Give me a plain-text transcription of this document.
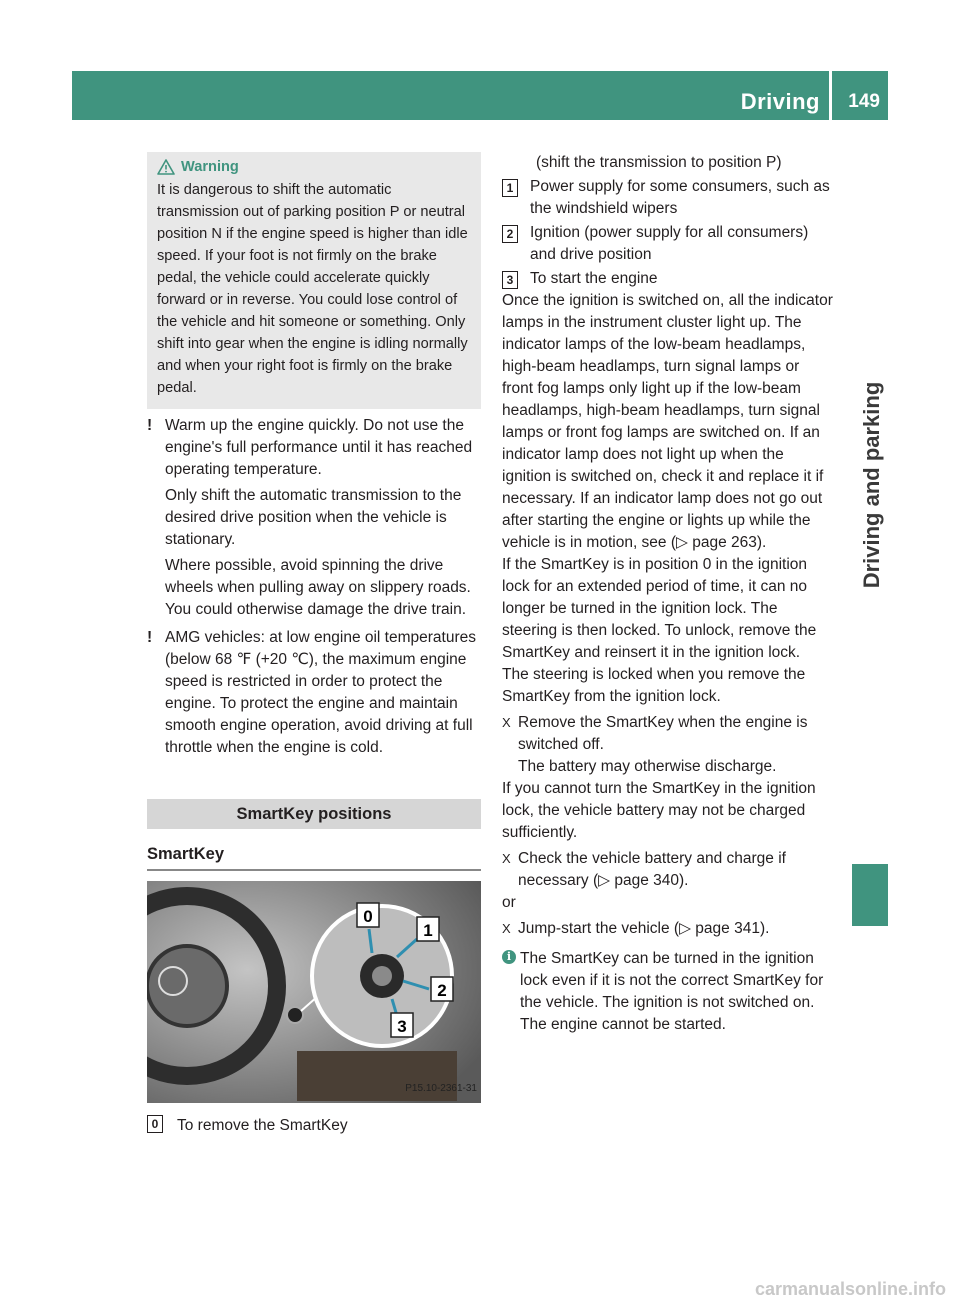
Driving 149
Driving and parking
Warning

It is dangerous to shift the automatic transmission out of parking position P or neutral position N if the engine speed is higher than idle speed. If your foot is not firmly on the brake pedal, the vehicle could accelerate quickly forward or in reverse. You could lose control of the vehicle and hit someone or something. Only shift into gear when the engine is idling normally and when your right foot is firmly on the brake pedal.

! Warm up the engine quickly. Do not use the engine's full performance until it has reached operating temperature.

Only shift the automatic transmission to the desired drive position when the vehicle is stationary.

Where possible, avoid spinning the drive wheels when pulling away on slippery roads. You could otherwise damage the drive train.

! AMG vehicles: at low engine oil temperatures (below 68 ℉ (+20 ℃), the maximum engine speed is restricted in order to protect the engine. To protect the engine and maintain smooth engine operation, avoid driving at full throttle when the engine is cold.

SmartKey positions
SmartKey
0
1
2
3
P15.10-2361-31
0	To remove the SmartKey

(shift the transmission to position P)

1	Power supply for some consumers, such as the windshield wipers
2	Ignition (power supply for all consumers) and drive position
3	To start the engine

Once the ignition is switched on, all the indicator lamps in the instrument cluster light up. The indicator lamps of the low-beam headlamps, high-beam headlamps, turn signal lamps or front fog lamps only light up if the low-beam headlamps, high-beam headlamps, turn signal lamps or front fog lamps are switched on. If an indicator lamp does not light up when the ignition is switched on, check it and replace it if necessary. If an indicator lamp does not go out after starting the engine or lights up while the vehicle is in motion, see (▷ page 263).

If the SmartKey is in position 0 in the ignition lock for an extended period of time, it can no longer be turned in the ignition lock. The steering is then locked. To unlock, remove the SmartKey and reinsert it in the ignition lock.

The steering is locked when you remove the SmartKey from the ignition lock.

X Remove the SmartKey when the engine is switched off.

The battery may otherwise discharge.

If you cannot turn the SmartKey in the ignition lock, the vehicle battery may not be charged sufficiently.

X Check the vehicle battery and charge if necessary (▷ page 340).

or

X Jump-start the vehicle (▷ page 341).

i The SmartKey can be turned in the ignition lock even if it is not the correct SmartKey for the vehicle. The ignition is not switched on. The engine cannot be started.

carmanualsonline.info
